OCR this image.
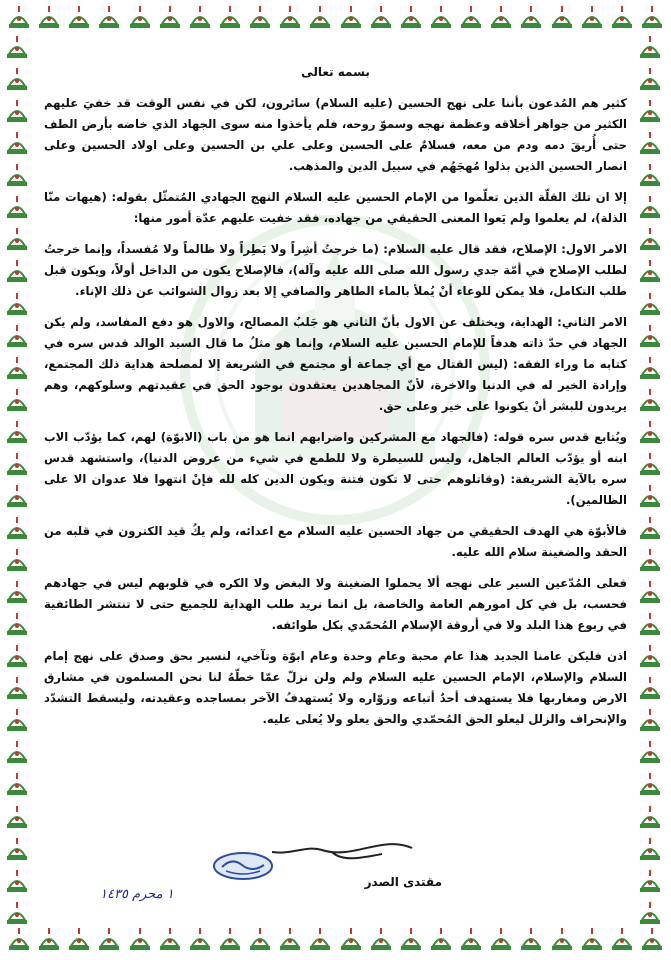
بسمه تعالى

كثير هم المُدعون بأننا على نهج الحسين (عليه السلام) سائرون، لكن في نفس الوقت قد خفيَ عليهم الكثير من جواهر أخلاقه وعظمة نهجه وسموّ روحه، فلم يأخذوا منه سوى الجهاد الذي خاضه بأرض الطف حتى أُريقَ دمه ودم من معه، فسلامٌ على الحسين وعلى علي بن الحسين وعلى اولاد الحسين وعلى انصار الحسين الذين بذلوا مُهجَهُم في سبيل الدين والمذهب.

إلا ان تلك القلّة الذين تعلّموا من الإمام الحسين عليه السلام النهج الجهادي المُتمثّل بقوله: (هيهات منّا الذلة)، لم يعلموا ولم يَعوا المعنى الحقيقي من جهاده، فقد خفيت عليهم عدّة أمور منها:

الامر الاول: الإصلاح، فقد قال عليه السلام: (ما خرجتُ أشِراً ولا بَطِراً ولا ظالماً ولا مُفسداً، وإنما خرجتُ لطلب الإصلاح في أمّة جدي رسول الله صلى الله عليه وآله)، فالإصلاح يكون من الداخل أولاً، ويكون قبل طلب التكامل، فلا يمكن للوعاء أنْ يُملأ بالماء الطاهر والصافي إلا بعد زوال الشوائب عن ذلك الإناء.

الامر الثاني: الهداية، ويختلف عن الاول بأنّ الثاني هو جَلبُ المصالح، والاول هو دفع المفاسد، ولم يكن الجهاد في حدّ ذاته هدفاً للإمام الحسين عليه السلام، وإنما هو مثلُ ما قال السيد الوالد قدس سره في كتابه ما وراء الفقه: (ليس القتال مع أي جماعة أو مجتمع في الشريعة إلا لمصلحة هداية ذلك المجتمع، وإرادة الخير له في الدنيا والاخرة، لأنّ المجاهدين يعتقدون بوجود الحق في عقيدتهم وسلوكهم، وهم يريدون للبشر أنْ يكونوا على خير وعلى حق.

ويُتابع قدس سره قوله: (فالجهاد مع المشركين واضرابهم انما هو من باب (الابوّة) لهم، كما يؤدّب الاب ابنه أو يؤدّب العالم الجاهل، وليس للسيطرة ولا للطمع في شيء من عروض الدنيا)، واستشهد قدس سره بالآية الشريفة: (وقاتلوهم حتى لا تكون فتنة ويكون الدين كله لله فإنْ انتهوا فلا عدوان الا على الظالمين).

فالأبوّة هي الهدف الحقيقي من جهاد الحسين عليه السلام مع اعدائه، ولم يكُ قيد الكترون في قلبه من الحقد والضغينة سلام الله عليه.

فعلى المُدّعين السير على نهجه ألا يحملوا الضغينة ولا البغض ولا الكره في قلوبهم ليس في جهادهم فحسب، بل في كل امورهم العامة والخاصة، بل انما نريد طلب الهداية للجميع حتى لا تنتشر الطائفية في ربوع هذا البلد ولا في أروقة الإسلام المُحمّدي بكل طوائفه.

اذن فليكن عامنا الجديد هذا عام محبة وعام وحدة وعام ابوّة وتآخي، لنسير بحق وصدق على نهج إمام السلام والإسلام، الإمام الحسين عليه السلام ولم ولن نزلّ عمّا خطّهُ لنا نحن المسلمون في مشارق الارض ومغاربها فلا يستهدف أحدٌ أتباعه وزوّاره ولا يُستهدفُ الآخر بمساجده وعقيدته، وليسقط التشدّد والإنحراف والزلل ليعلو الحق المُحمّدي والحق يعلو ولا يُعلى عليه.

مقتدى الصدر
١ محرم ١٤٣٥
